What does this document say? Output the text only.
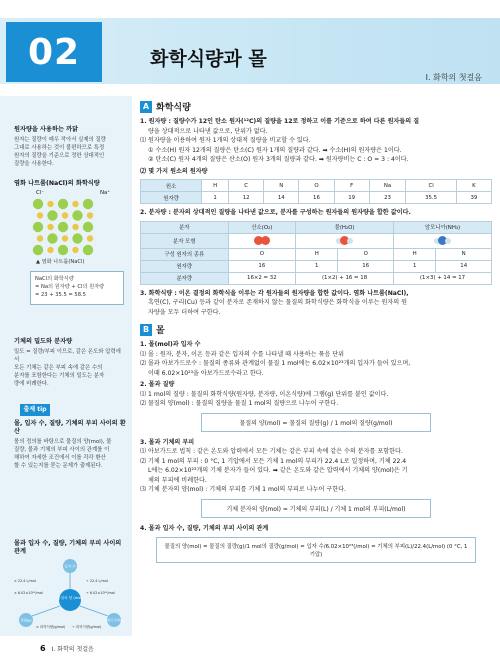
02	화학식량과 몰
I. 화학의 첫걸음
원자량을 사용하는 까닭
원자는 질량이 매우 작아서 실제의 질량
그대로 사용하는 것이 불편하므로 특정
원자의 질량을 기준으로 정한 상대적인
질량을 사용한다.
염화 나트륨(NaCl)의 화학식량
Cl⁻	Na⁺
▲ 염화 나트륨(NaCl)
NaCl의 화학식량
= Na의 원자량 + Cl의 원자량
= 23 + 35.5 = 58.5
기체의 밀도와 분자량
밀도 = 질량/부피 이므로, 같은 온도와 압력에서
모든 기체는 같은 부피 속에 같은 수의
분자를 포함한다는 기체의 밀도는 분자
량에 비례한다.
출제 tip
몰, 입자 수, 질량, 기체의 부피 사이의 환산
몰의 정의를 바탕으로 물질의 양(mol), 물
질량, 물과 기체의 부피 사이의 관계를 이
해하여 자세한 조건에서 이를 각각 환산
할 수 있는지를 묻는 문제가 출제된다.
몰과 입자 수, 질량, 기체의 부피 사이의 관계
물질의 양 (mol)
입자 수
질량(g)	기체의 부피(L)
× 22.4 L/mol	÷ 22.4 L/mol
× 6.02×10²³/mol	÷ 6.02×10²³/mol
× 화학식량(g/mol) ÷ 화학식량(g/mol)
A 화학식량
1. 원자량 : 질량수가 12인 탄소 원자(¹²C)의 질량을 12로 정하고 이를 기준으로 하여 다른 원자들의 질
량을 상대적으로 나타낸 값으로, 단위가 없다.
⑴ 원자량을 이용하여 원자 1개의 상대적 질량을 비교할 수 있다.
① 수소(H) 원자 12개의 질량은 탄소(C) 원자 1개의 질량과 같다. ➡ 수소(H)의 원자량은 1이다.
② 탄소(C) 원자 4개의 질량은 산소(O) 원자 3개의 질량과 같다. ➡ 원자량비는 C : O = 3 : 4이다.
⑵ 몇 가지 원소의 원자량
원소	H	C	N	O	F	Na	Cl	K
원자량	1	12	14	16	19	23	35.5	39
2. 분자량 : 분자의 상대적인 질량을 나타낸 값으로, 분자를 구성하는 원자들의 원자량을 합한 값이다.
분자	산소(O₂)	물(H₂O)		암모니아(NH₃)	
분자 모형					
구성 원자의 종류	O	H	O	H	N
원자량	16	1	16	1	14
분자량	16×2 = 32	(1×2) + 16 = 18		(1×3) + 14 = 17	
3. 화학식량 : 이온 결정의 화학식을 이루는 각 원자들의 원자량을 합한 값이다. 염화 나트륨(NaCl),
흑연(C), 구리(Cu) 등과 같이 분자로 존재하지 않는 물질의 화학식량은 화학식을 이루는 원자의 원
자량을 모두 더하여 구한다.
B 몰
1. 몰(mol)과 입자 수
⑴ 몰 : 원자, 분자, 이온 등과 같은 입자의 수를 나타낼 때 사용하는 묶음 단위
⑵ 몰과 아보가드로수 : 물질의 종류와 관계없이 물질 1 mol에는 6.02×10²³개의 입자가 들어 있으며,
이때 6.02×10²³을 아보가드로수라고 한다.
2. 몰과 질량
⑴ 1 mol의 질량 : 물질의 화학식량(원자량, 분자량, 이온식량)에 그램(g) 단위를 붙인 값이다.
⑵ 물질의 양(mol) : 물질의 질량을 물질 1 mol의 질량으로 나누어 구한다.
물질의 양(mol) = 물질의 질량(g) / 1 mol의 질량(g/mol)
3. 몰과 기체의 부피
⑴ 아보가드로 법칙 : 같은 온도와 압력에서 모든 기체는 같은 부피 속에 같은 수의 분자를 포함한다.
⑵ 기체 1 mol의 부피 : 0 °C, 1 기압에서 모든 기체 1 mol의 부피가 22.4 L로 일정하며, 기체 22.4
L에는 6.02×10²³개의 기체 분자가 들어 있다. ➡ 같은 온도와 같은 압력에서 기체의 양(mol)은 기
체의 부피에 비례한다.
⑶ 기체 분자의 양(mol) : 기체의 부피를 기체 1 mol의 부피로 나누어 구한다.
기체 분자의 양(mol) = 기체의 부피(L) / 기체 1 mol의 부피(L/mol)
4. 몰과 입자 수, 질량, 기체의 부피 사이의 관계
물질의 양(mol) = 물질의 질량(g)/1 mol의 질량(g/mol) = 입자 수/6.02×10²³(/mol) = 기체의 부피(L)/22.4(L/mol) (0 °C, 1기압)
6 I. 화학의 첫걸음
